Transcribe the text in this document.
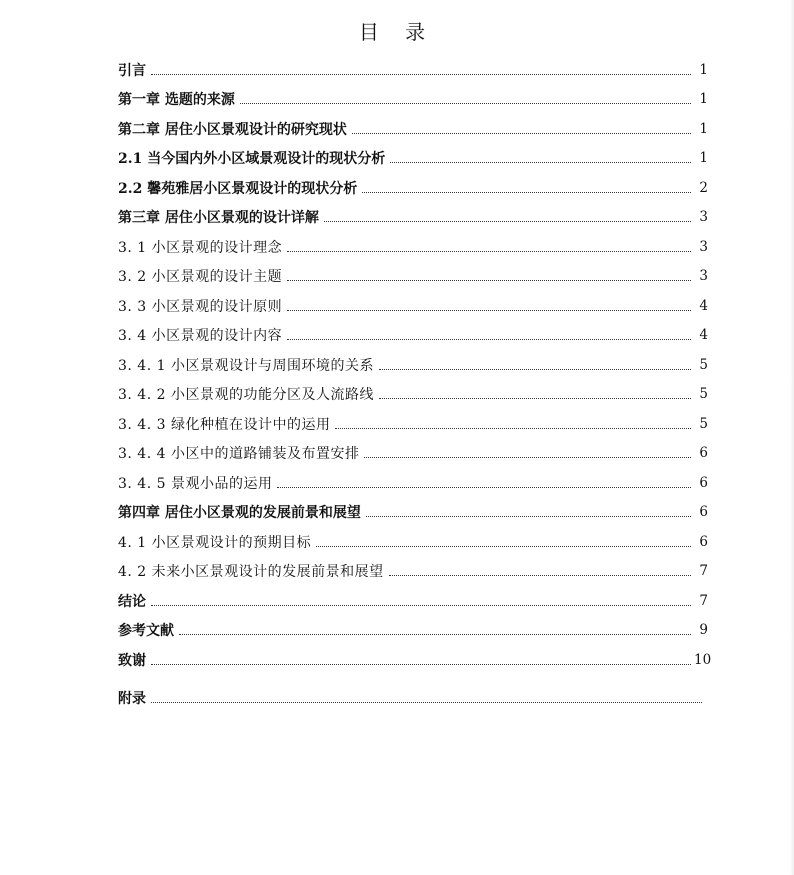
目 录
引言	1
第一章 选题的来源	1
第二章 居住小区景观设计的研究现状	1
2.1 当今国内外小区域景观设计的现状分析	1
2.2 馨苑雅居小区景观设计的现状分析	2
第三章 居住小区景观的设计详解	3
3. 1 小区景观的设计理念	3
3. 2 小区景观的设计主题	3
3. 3 小区景观的设计原则	4
3. 4 小区景观的设计内容	4
3. 4. 1 小区景观设计与周围环境的关系	5
3. 4. 2 小区景观的功能分区及人流路线	5
3. 4. 3 绿化种植在设计中的运用	5
3. 4. 4 小区中的道路铺装及布置安排	6
3. 4. 5 景观小品的运用	6
第四章 居住小区景观的发展前景和展望	6
4. 1 小区景观设计的预期目标	6
4. 2 未来小区景观设计的发展前景和展望	7
结论	7
参考文献	9
致谢	10
附录
